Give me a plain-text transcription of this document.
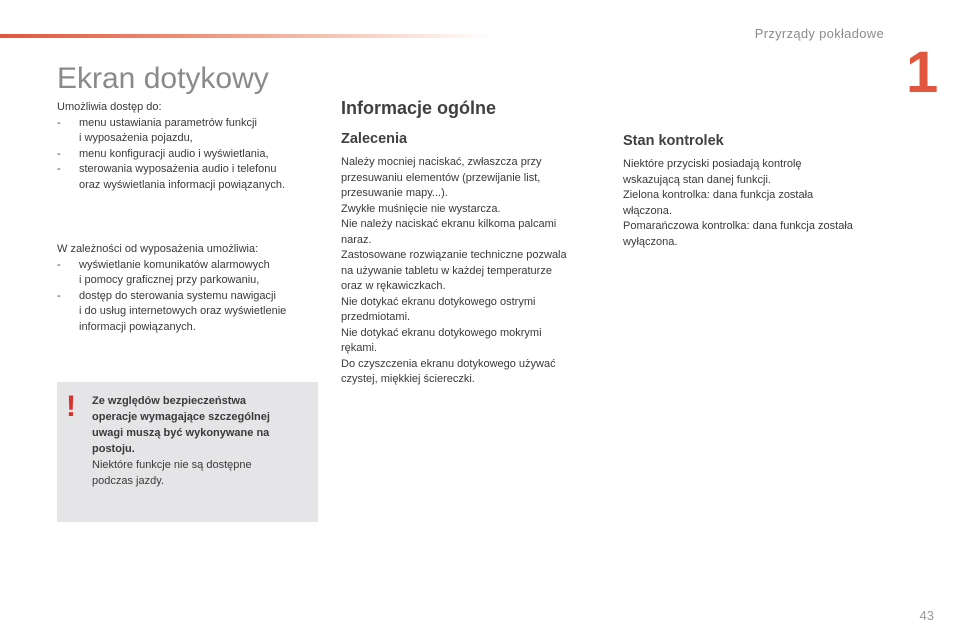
Przyrządy pokładowe
1
Ekran dotykowy

Umożliwia dostęp do:

- menu ustawiania parametrów funkcji
i wyposażenia pojazdu,
- menu konfiguracji audio i wyświetlania,
- sterowania wyposażenia audio i telefonu
oraz wyświetlania informacji powiązanych.

W zależności od wyposażenia umożliwia:

- wyświetlanie komunikatów alarmowych
i pomocy graficznej przy parkowaniu,
- dostęp do sterowania systemu nawigacji
i do usług internetowych oraz wyświetlenie
informacji powiązanych.
! Ze względów bezpieczeństwa
operacje wymagające szczególnej
uwagi muszą być wykonywane na
postoju.
Niektóre funkcje nie są dostępne
podczas jazdy.
Informacje ogólne
Zalecenia
Należy mocniej naciskać, zwłaszcza przy
przesuwaniu elementów (przewijanie list,
przesuwanie mapy...).
Zwykłe muśnięcie nie wystarcza.
Nie należy naciskać ekranu kilkoma palcami
naraz.
Zastosowane rozwiązanie techniczne pozwala
na używanie tabletu w każdej temperaturze
oraz w rękawiczkach.
Nie dotykać ekranu dotykowego ostrymi
przedmiotami.
Nie dotykać ekranu dotykowego mokrymi
rękami.
Do czyszczenia ekranu dotykowego używać
czystej, miękkiej ściereczki.
Stan kontrolek
Niektóre przyciski posiadają kontrolę
wskazującą stan danej funkcji.
Zielona kontrolka: dana funkcja została
włączona.
Pomarańczowa kontrolka: dana funkcja została
wyłączona.
43
